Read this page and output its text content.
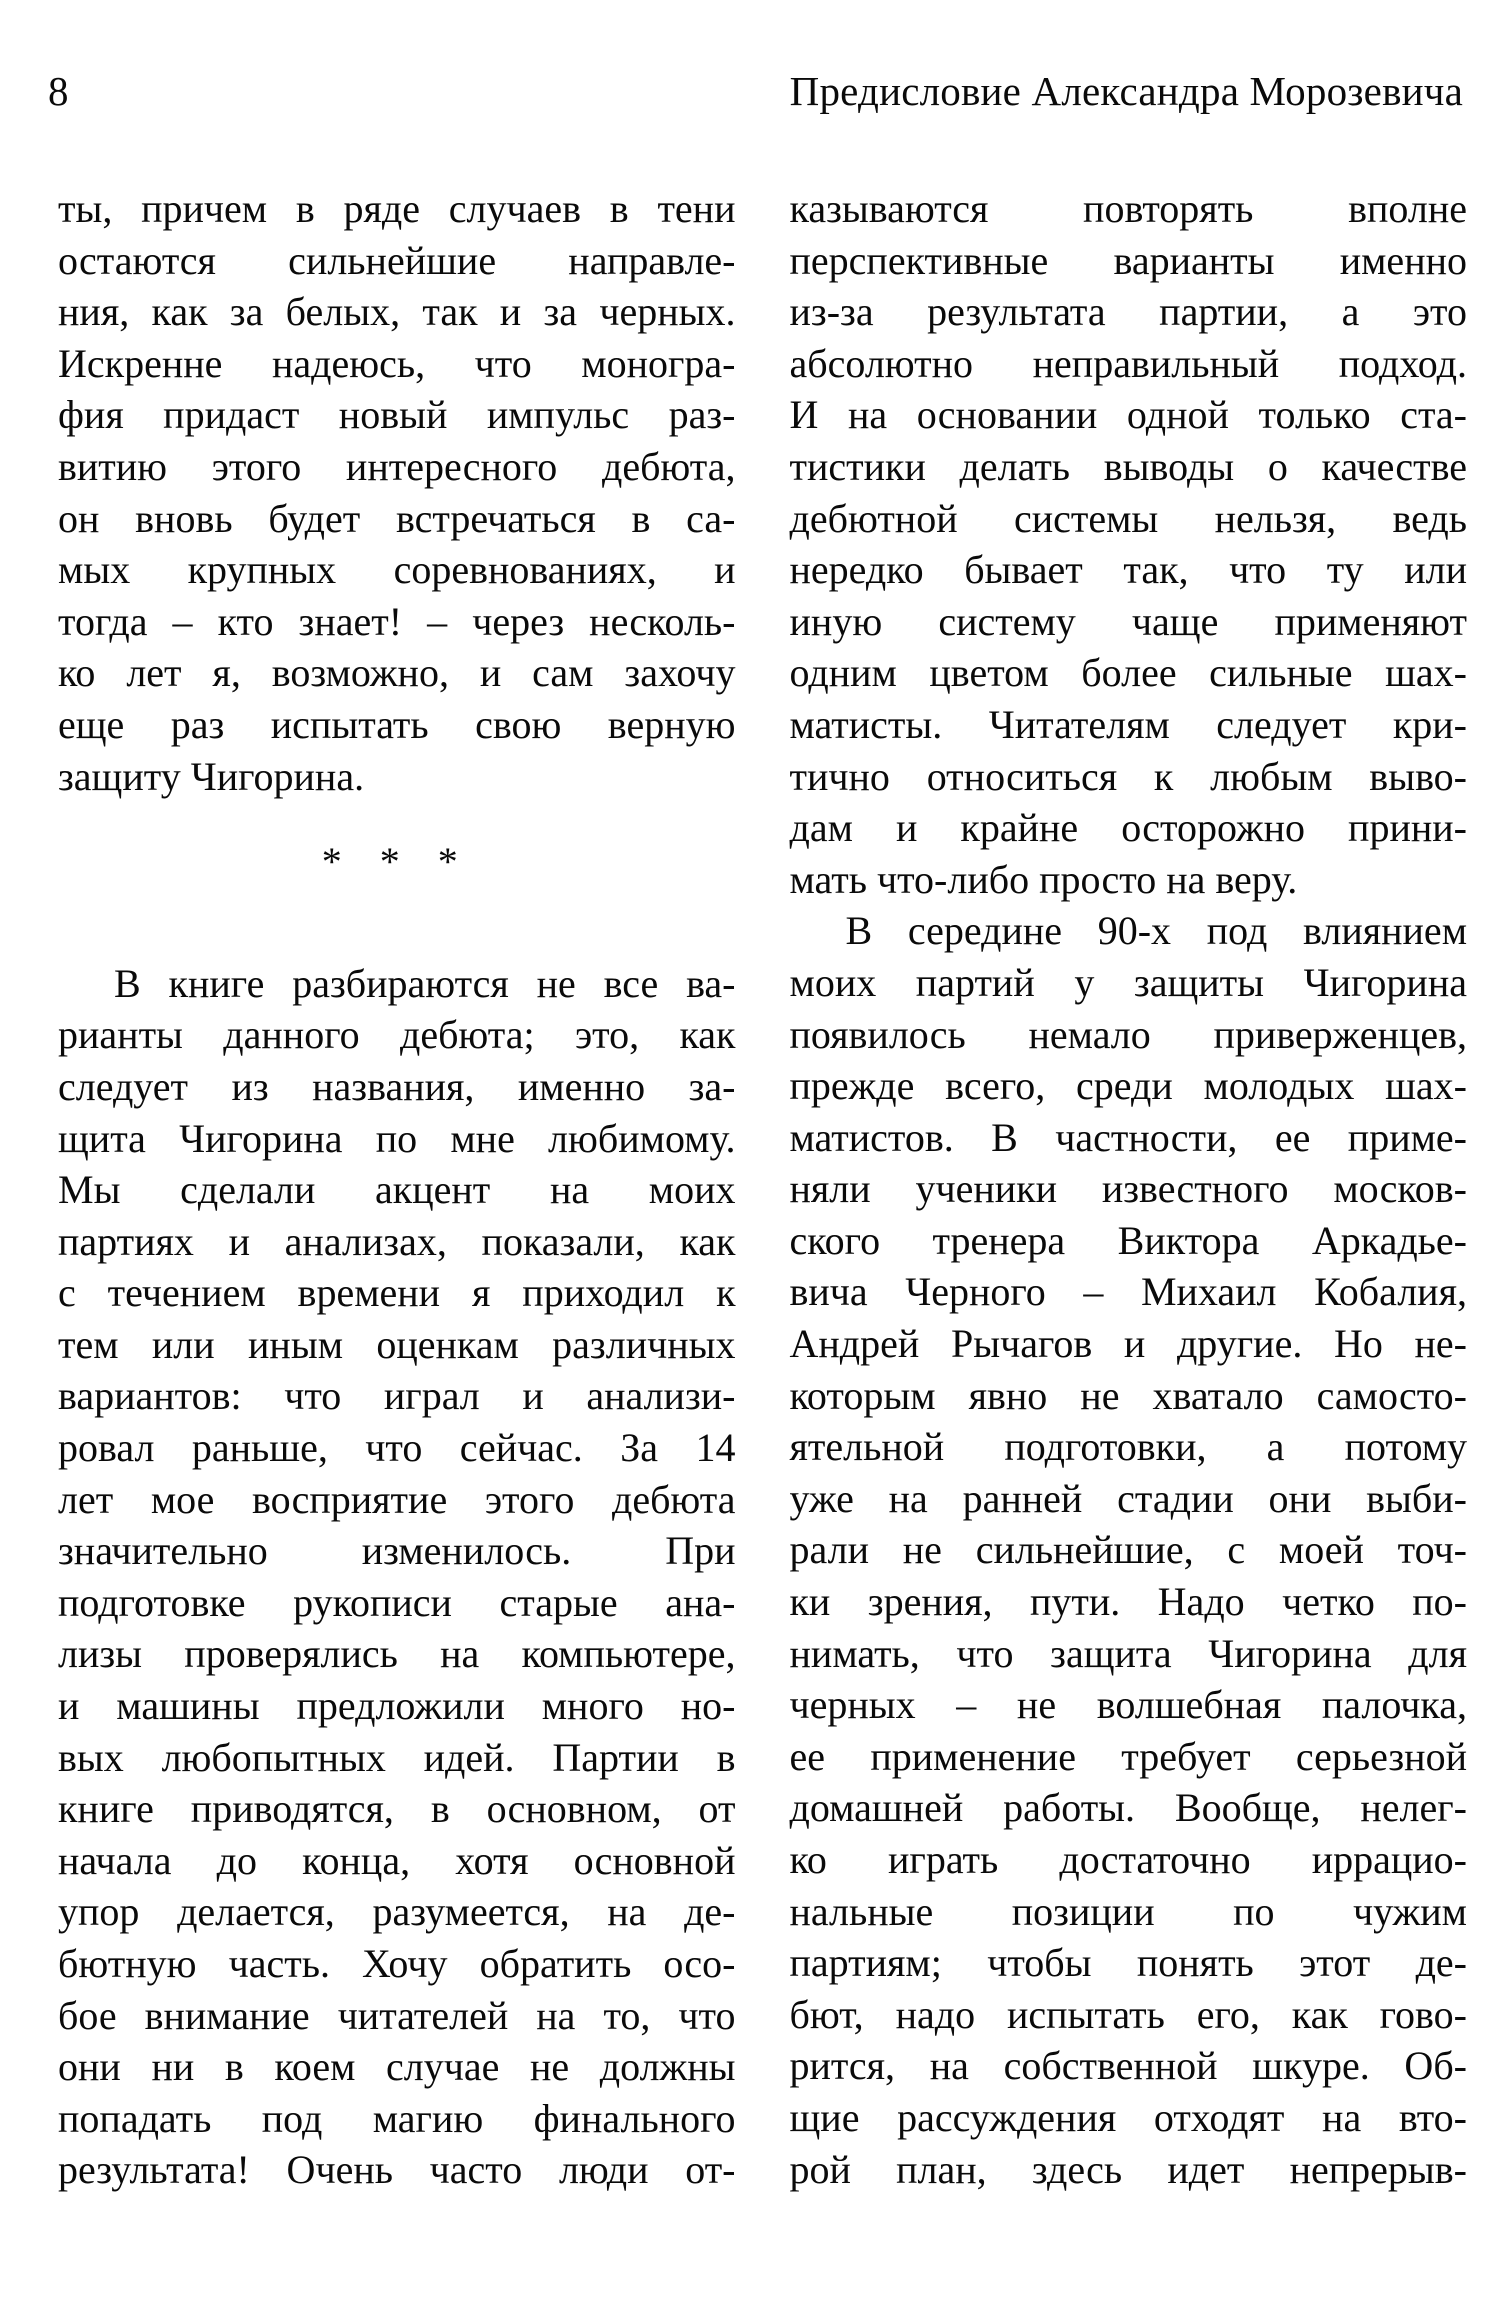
8	Предисловие Александра Морозевича
ты, причем в ряде случаев в тени
остаются сильнейшие направле-
ния, как за белых, так и за черных.
Искренне надеюсь, что моногра-
фия придаст новый импульс раз-
витию этого интересного дебюта,
он вновь будет встречаться в са-
мых крупных соревнованиях, и
тогда – кто знает! – через несколь-
ко лет я, возможно, и сам захочу
еще раз испытать свою верную
защиту Чигорина.
* * *
В книге разбираются не все ва-
рианты данного дебюта; это, как
следует из названия, именно за-
щита Чигорина по мне любимому.
Мы сделали акцент на моих
партиях и анализах, показали, как
с течением времени я приходил к
тем или иным оценкам различных
вариантов: что играл и анализи-
ровал раньше, что сейчас. За 14
лет мое восприятие этого дебюта
значительно изменилось. При
подготовке рукописи старые ана-
лизы проверялись на компьютере,
и машины предложили много но-
вых любопытных идей. Партии в
книге приводятся, в основном, от
начала до конца, хотя основной
упор делается, разумеется, на де-
бютную часть. Хочу обратить осо-
бое внимание читателей на то, что
они ни в коем случае не должны
попадать под магию финального
результата! Очень часто люди от-
казываются повторять вполне
перспективные варианты именно
из-за результата партии, а это
абсолютно неправильный подход.
И на основании одной только ста-
тистики делать выводы о качестве
дебютной системы нельзя, ведь
нередко бывает так, что ту или
иную систему чаще применяют
одним цветом более сильные шах-
матисты. Читателям следует кри-
тично относиться к любым выво-
дам и крайне осторожно прини-
мать что-либо просто на веру.
В середине 90-х под влиянием
моих партий у защиты Чигорина
появилось немало приверженцев,
прежде всего, среди молодых шах-
матистов. В частности, ее приме-
няли ученики известного москов-
ского тренера Виктора Аркадье-
вича Черного – Михаил Кобалия,
Андрей Рычагов и другие. Но не-
которым явно не хватало самосто-
ятельной подготовки, а потому
уже на ранней стадии они выби-
рали не сильнейшие, с моей точ-
ки зрения, пути. Надо четко по-
нимать, что защита Чигорина для
черных – не волшебная палочка,
ее применение требует серьезной
домашней работы. Вообще, нелег-
ко играть достаточно иррацио-
нальные позиции по чужим
партиям; чтобы понять этот де-
бют, надо испытать его, как гово-
рится, на собственной шкуре. Об-
щие рассуждения отходят на вто-
рой план, здесь идет непрерыв-
